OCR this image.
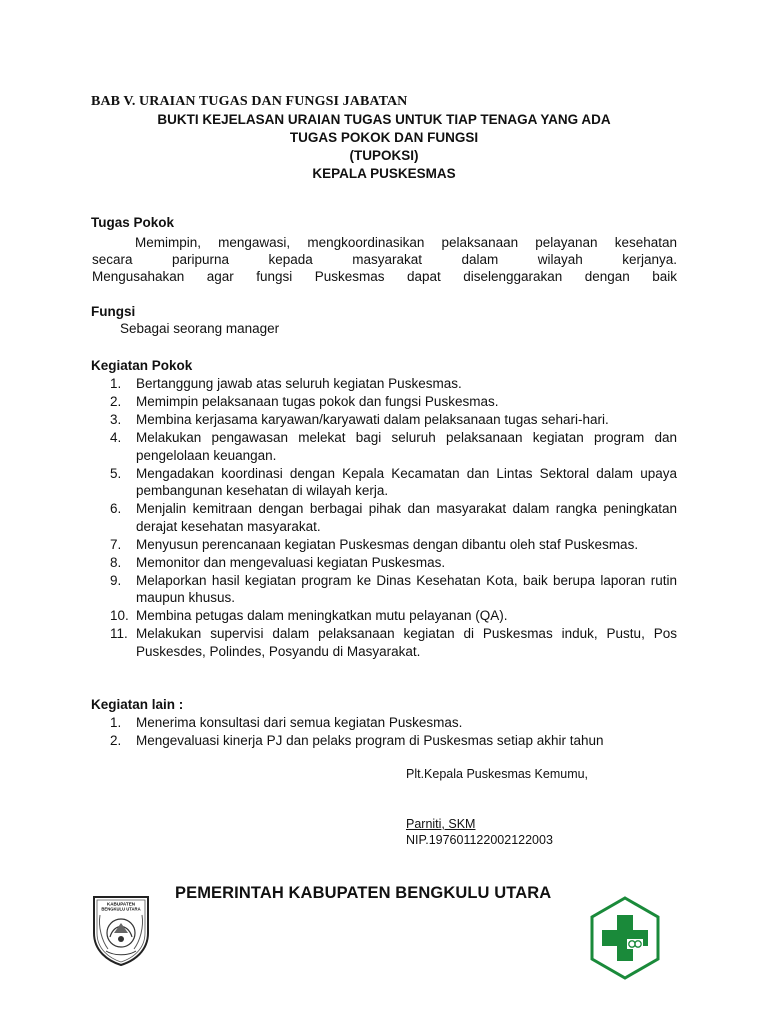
BAB V. URAIAN TUGAS DAN FUNGSI JABATAN
BUKTI KEJELASAN URAIAN TUGAS UNTUK TIAP TENAGA YANG ADA
TUGAS POKOK DAN FUNGSI
(TUPOKSI)
KEPALA PUSKESMAS
Tugas Pokok
Memimpin, mengawasi, mengkoordinasikan pelaksanaan pelayanan kesehatan
secara paripurna kepada masyarakat dalam wilayah kerjanya.
Mengusahakan agar fungsi Puskesmas dapat diselenggarakan dengan baik
Fungsi
Sebagai seorang manager
Kegiatan Pokok
1.	Bertanggung jawab atas seluruh kegiatan Puskesmas.
2.	Memimpin pelaksanaan tugas pokok dan fungsi Puskesmas.
3.	Membina kerjasama karyawan/karyawati dalam pelaksanaan tugas sehari-hari.
4.	Melakukan pengawasan melekat bagi seluruh pelaksanaan kegiatan program dan pengelolaan keuangan.
5.	Mengadakan koordinasi dengan Kepala Kecamatan dan Lintas Sektoral dalam upaya pembangunan kesehatan di wilayah kerja.
6.	Menjalin kemitraan dengan berbagai pihak dan masyarakat dalam rangka peningkatan derajat kesehatan masyarakat.
7.	Menyusun perencanaan kegiatan Puskesmas dengan dibantu oleh staf Puskesmas.
8.	Memonitor dan mengevaluasi kegiatan Puskesmas.
9.	Melaporkan hasil kegiatan program ke Dinas Kesehatan Kota, baik berupa laporan rutin maupun khusus.
10. Membina petugas dalam meningkatkan mutu pelayanan (QA).
11. Melakukan supervisi dalam pelaksanaan kegiatan di Puskesmas induk, Pustu, Pos Puskesdes, Polindes, Posyandu di Masyarakat.
Kegiatan lain :
1.	Menerima konsultasi dari semua kegiatan Puskesmas.
2.	Mengevaluasi kinerja PJ dan pelaks program di Puskesmas setiap akhir tahun
Plt.Kepala Puskesmas Kemumu,
Parniti, SKM
NIP.197601122002122003
PEMERINTAH KABUPATEN BENGKULU UTARA
KABUPATEN
BENGKULU UTARA
